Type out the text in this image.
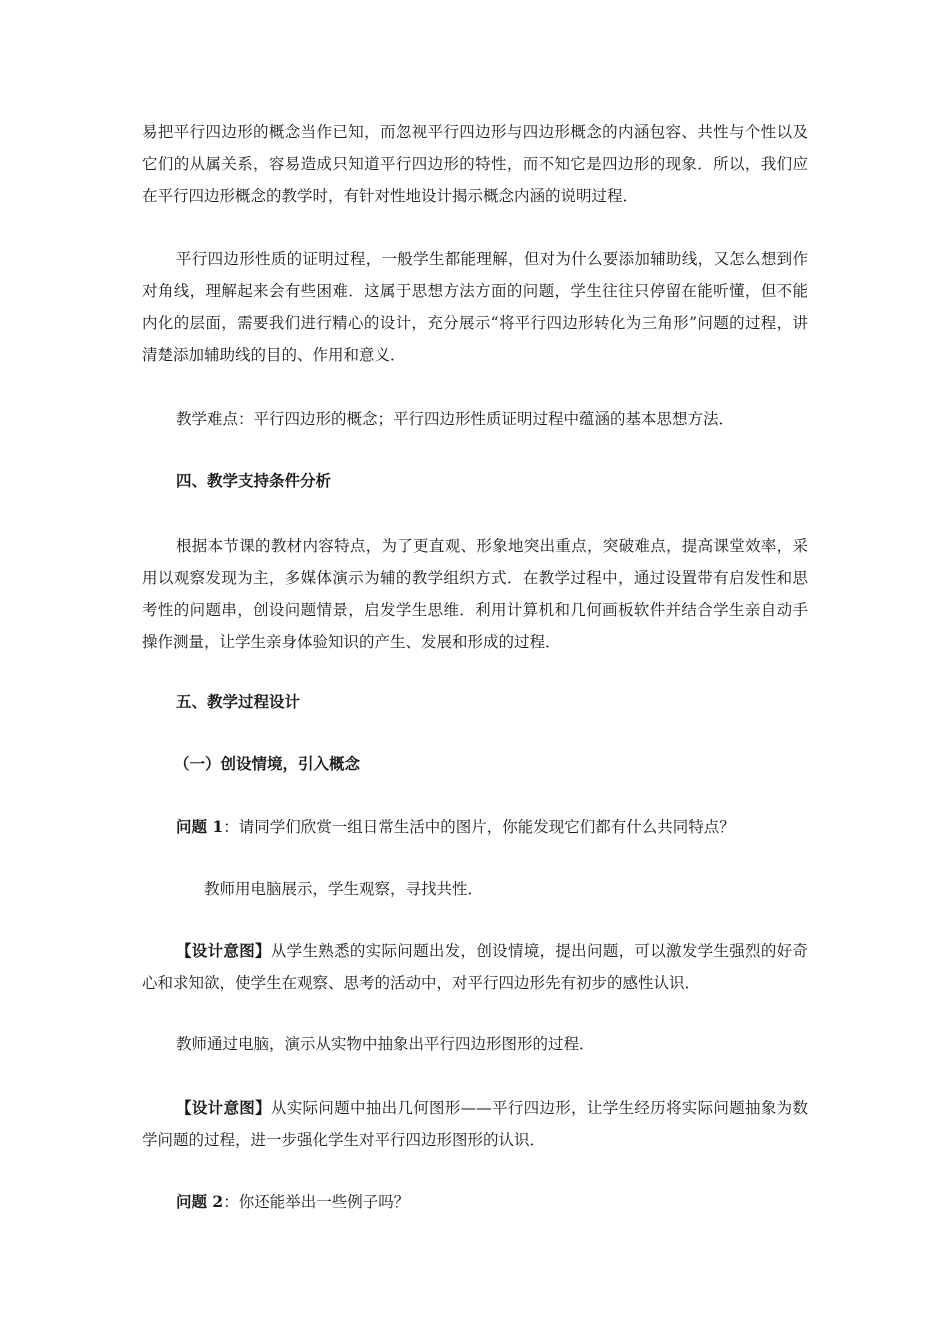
易把平行四边形的概念当作已知，而忽视平行四边形与四边形概念的内涵包容、共性与个性以及它们的从属关系，容易造成只知道平行四边形的特性，而不知它是四边形的现象．所以，我们应在平行四边形概念的教学时，有针对性地设计揭示概念内涵的说明过程．

平行四边形性质的证明过程，一般学生都能理解，但对为什么要添加辅助线，又怎么想到作对角线，理解起来会有些困难．这属于思想方法方面的问题，学生往往只停留在能听懂，但不能内化的层面，需要我们进行精心的设计，充分展示“将平行四边形转化为三角形”问题的过程，讲清楚添加辅助线的目的、作用和意义．

教学难点：平行四边形的概念；平行四边形性质证明过程中蕴涵的基本思想方法．

四、教学支持条件分析

根据本节课的教材内容特点，为了更直观、形象地突出重点，突破难点，提高课堂效率，采用以观察发现为主，多媒体演示为辅的教学组织方式．在教学过程中，通过设置带有启发性和思考性的问题串，创设问题情景，启发学生思维．利用计算机和几何画板软件并结合学生亲自动手操作测量，让学生亲身体验知识的产生、发展和形成的过程．

五、教学过程设计

（一）创设情境，引入概念

问题 1：请同学们欣赏一组日常生活中的图片，你能发现它们都有什么共同特点？

教师用电脑展示，学生观察，寻找共性．

【设计意图】从学生熟悉的实际问题出发，创设情境，提出问题，可以激发学生强烈的好奇心和求知欲，使学生在观察、思考的活动中，对平行四边形先有初步的感性认识．

教师通过电脑，演示从实物中抽象出平行四边形图形的过程．

【设计意图】从实际问题中抽出几何图形——平行四边形，让学生经历将实际问题抽象为数学问题的过程，进一步强化学生对平行四边形图形的认识．

问题 2：你还能举出一些例子吗？
